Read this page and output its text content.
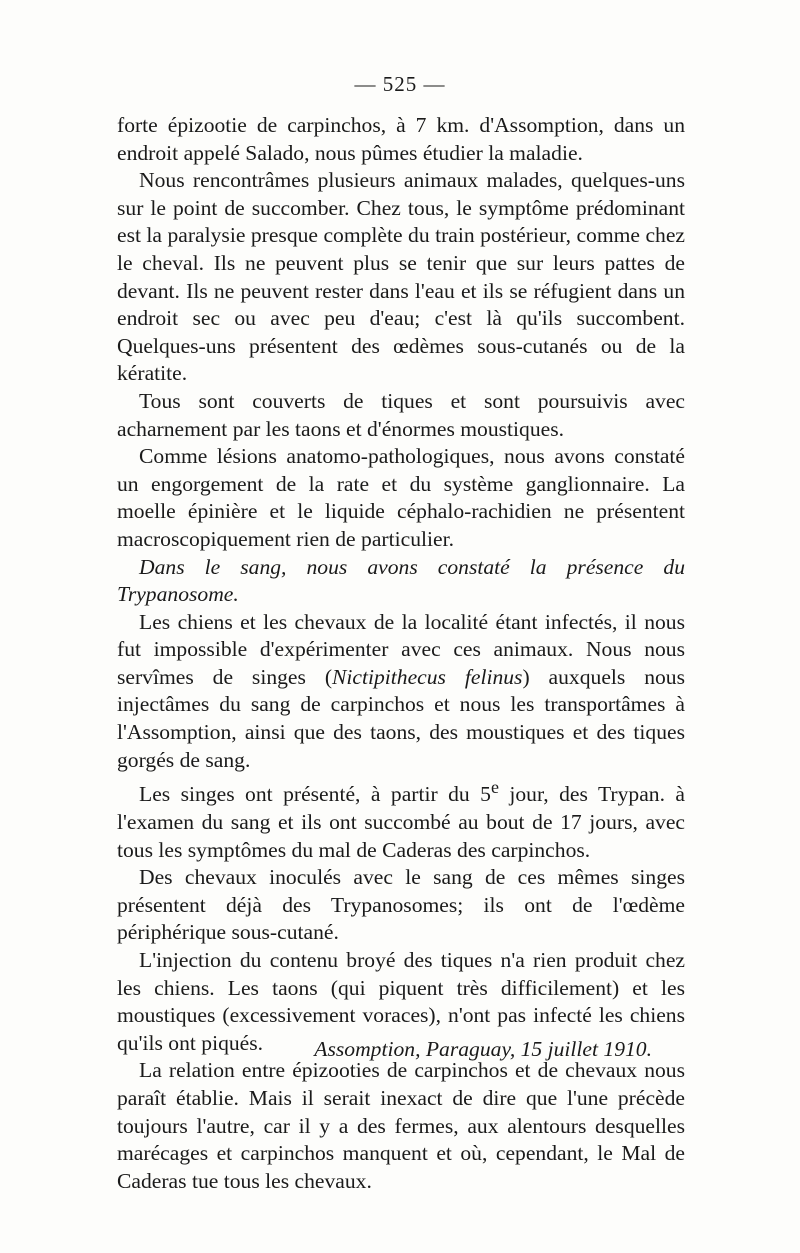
— 525 —

forte épizootie de carpinchos, à 7 km. d'Assomption, dans un endroit appelé Salado, nous pûmes étudier la maladie.

Nous rencontrâmes plusieurs animaux malades, quelques-uns sur le point de succomber. Chez tous, le symptôme prédominant est la paralysie presque complète du train postérieur, comme chez le cheval. Ils ne peuvent plus se tenir que sur leurs pattes de devant. Ils ne peuvent rester dans l'eau et ils se réfugient dans un endroit sec ou avec peu d'eau; c'est là qu'ils succombent. Quelques-uns présentent des œdèmes sous-cutanés ou de la kératite.

Tous sont couverts de tiques et sont poursuivis avec acharnement par les taons et d'énormes moustiques.

Comme lésions anatomo-pathologiques, nous avons constaté un engorgement de la rate et du système ganglionnaire. La moelle épinière et le liquide céphalo-rachidien ne présentent macroscopiquement rien de particulier.

Dans le sang, nous avons constaté la présence du Trypanosome.

Les chiens et les chevaux de la localité étant infectés, il nous fut impossible d'expérimenter avec ces animaux. Nous nous servîmes de singes (Nictipithecus felinus) auxquels nous injectâmes du sang de carpinchos et nous les transportâmes à l'Assomption, ainsi que des taons, des moustiques et des tiques gorgés de sang.

Les singes ont présenté, à partir du 5e jour, des Trypan. à l'examen du sang et ils ont succombé au bout de 17 jours, avec tous les symptômes du mal de Caderas des carpinchos.

Des chevaux inoculés avec le sang de ces mêmes singes présentent déjà des Trypanosomes; ils ont de l'œdème périphérique sous-cutané.

L'injection du contenu broyé des tiques n'a rien produit chez les chiens. Les taons (qui piquent très difficilement) et les moustiques (excessivement voraces), n'ont pas infecté les chiens qu'ils ont piqués.

La relation entre épizooties de carpinchos et de chevaux nous paraît établie. Mais il serait inexact de dire que l'une précède toujours l'autre, car il y a des fermes, aux alentours desquelles marécages et carpinchos manquent et où, cependant, le Mal de Caderas tue tous les chevaux.

Assomption, Paraguay, 15 juillet 1910.
